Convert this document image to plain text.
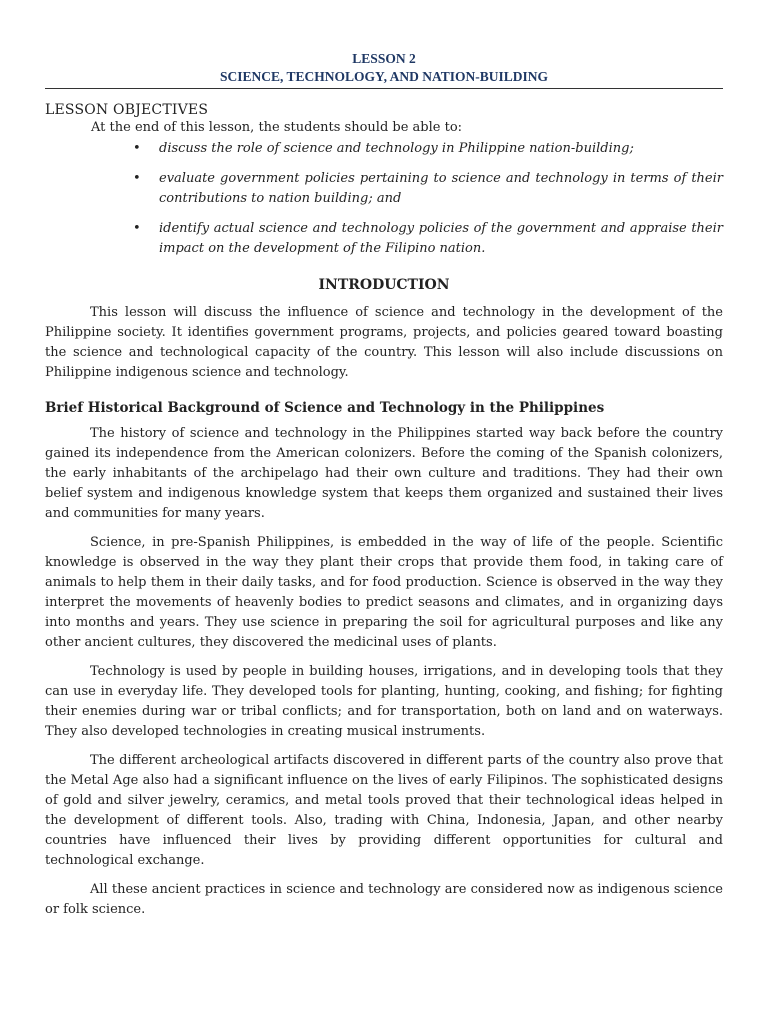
LESSON 2
SCIENCE, TECHNOLOGY, AND NATION-BUILDING
LESSON OBJECTIVES
At the end of this lesson, the students should be able to:
• discuss the role of science and technology in Philippine nation-building;
• evaluate government policies pertaining to science and technology in terms of their contributions to nation building; and
• identify actual science and technology policies of the government and appraise their impact on the development of the Filipino nation.
INTRODUCTION

This lesson will discuss the influence of science and technology in the development of the Philippine society. It identifies government programs, projects, and policies geared toward boasting the science and technological capacity of the country. This lesson will also include discussions on Philippine indigenous science and technology.

Brief Historical Background of Science and Technology in the Philippines

The history of science and technology in the Philippines started way back before the country gained its independence from the American colonizers. Before the coming of the Spanish colonizers, the early inhabitants of the archipelago had their own culture and traditions. They had their own belief system and indigenous knowledge system that keeps them organized and sustained their lives and communities for many years.

Science, in pre-Spanish Philippines, is embedded in the way of life of the people. Scientific knowledge is observed in the way they plant their crops that provide them food, in taking care of animals to help them in their daily tasks, and for food production. Science is observed in the way they interpret the movements of heavenly bodies to predict seasons and climates, and in organizing days into months and years. They use science in preparing the soil for agricultural purposes and like any other ancient cultures, they discovered the medicinal uses of plants.

Technology is used by people in building houses, irrigations, and in developing tools that they can use in everyday life. They developed tools for planting, hunting, cooking, and fishing; for fighting their enemies during war or tribal conflicts; and for transportation, both on land and on waterways. They also developed technologies in creating musical instruments.

The different archeological artifacts discovered in different parts of the country also prove that the Metal Age also had a significant influence on the lives of early Filipinos. The sophisticated designs of gold and silver jewelry, ceramics, and metal tools proved that their technological ideas helped in the development of different tools. Also, trading with China, Indonesia, Japan, and other nearby countries have influenced their lives by providing different opportunities for cultural and technological exchange.

All these ancient practices in science and technology are considered now as indigenous science or folk science.
